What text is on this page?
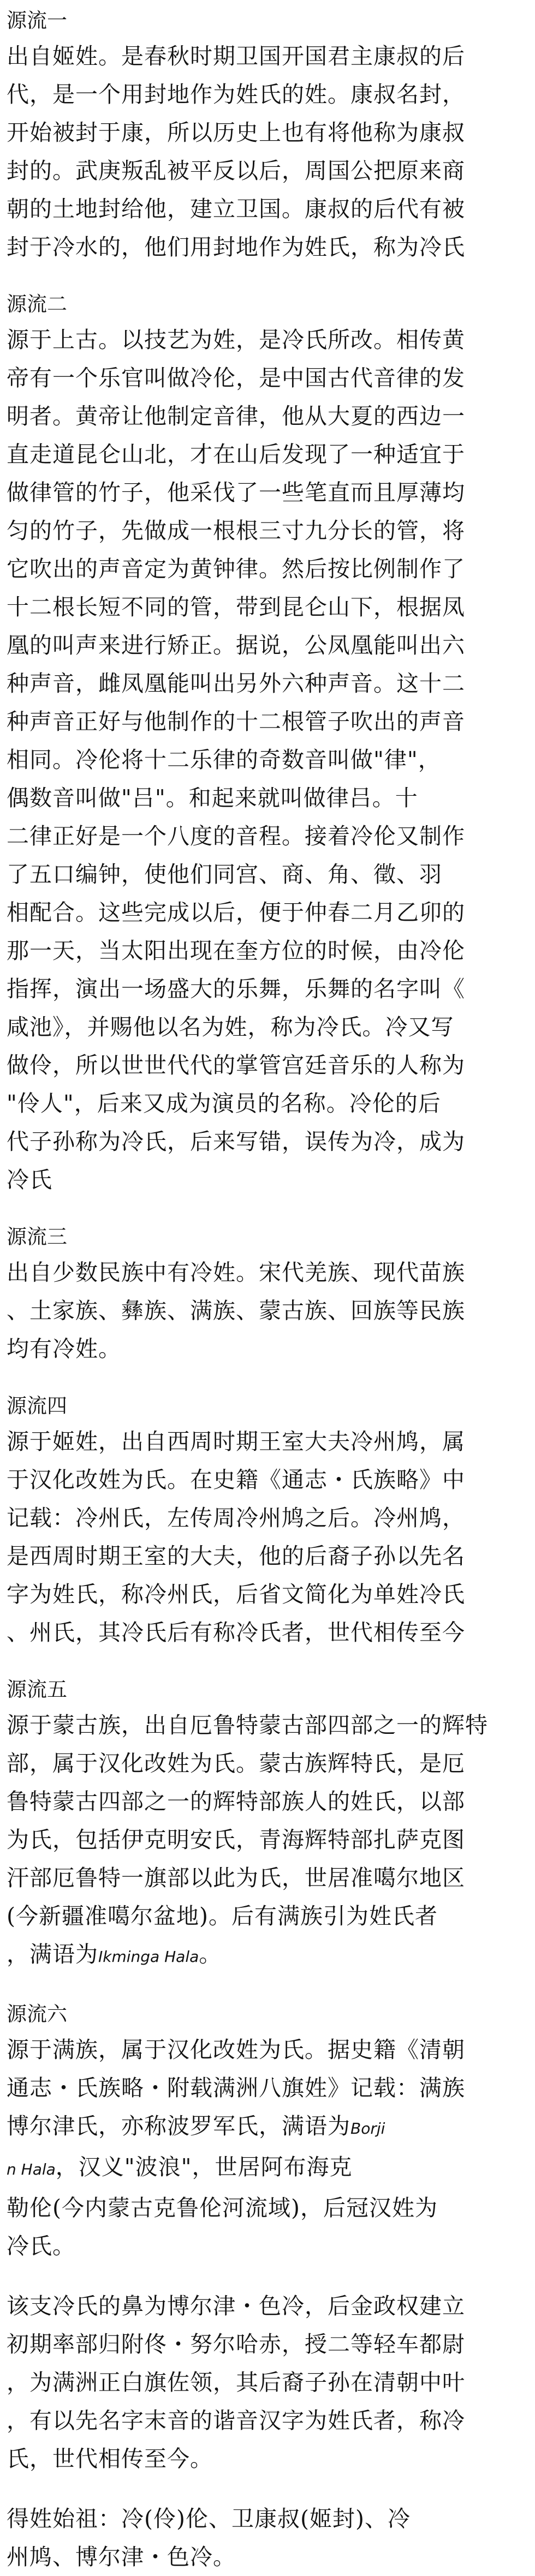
源流一

出自姬姓。是春秋时期卫国开国君主康叔的后

代，是一个用封地作为姓氏的姓。康叔名封，

开始被封于康，所以历史上也有将他称为康叔

封的。武庚叛乱被平反以后，周国公把原来商

朝的土地封给他，建立卫国。康叔的后代有被

封于冷水的，他们用封地作为姓氏，称为冷氏

源流二

源于上古。以技艺为姓，是冷氏所改。相传黄

帝有一个乐官叫做冷伦，是中国古代音律的发

明者。黄帝让他制定音律，他从大夏的西边一

直走道昆仑山北，才在山后发现了一种适宜于

做律管的竹子，他采伐了一些笔直而且厚薄均

匀的竹子，先做成一根根三寸九分长的管，将

它吹出的声音定为黄钟律。然后按比例制作了

十二根长短不同的管，带到昆仑山下，根据凤

凰的叫声来进行矫正。据说，公凤凰能叫出六

种声音，雌凤凰能叫出另外六种声音。这十二

种声音正好与他制作的十二根管子吹出的声音

相同。冷伦将十二乐律的奇数音叫做"律"，

偶数音叫做"吕"。和起来就叫做律吕。十

二律正好是一个八度的音程。接着冷伦又制作

了五口编钟，使他们同宫、商、角、徵、羽

相配合。这些完成以后，便于仲春二月乙卯的

那一天，当太阳出现在奎方位的时候，由冷伦

指挥，演出一场盛大的乐舞，乐舞的名字叫《

咸池》，并赐他以名为姓，称为冷氏。冷又写

做伶，所以世世代代的掌管宫廷音乐的人称为

"伶人"，后来又成为演员的名称。冷伦的后

代子孙称为冷氏，后来写错，误传为冷，成为

冷氏

源流三

出自少数民族中有冷姓。宋代羌族、现代苗族

、土家族、彝族、满族、蒙古族、回族等民族

均有冷姓。

源流四

源于姬姓，出自西周时期王室大夫冷州鸠，属

于汉化改姓为氏。在史籍《通志・氏族略》中

记载：冷州氏，左传周冷州鸠之后。冷州鸠，

是西周时期王室的大夫，他的后裔子孙以先名

字为姓氏，称冷州氏，后省文简化为单姓冷氏

、州氏，其冷氏后有称冷氏者，世代相传至今

源流五

源于蒙古族，出自厄鲁特蒙古部四部之一的辉特

部，属于汉化改姓为氏。蒙古族辉特氏，是厄

鲁特蒙古四部之一的辉特部族人的姓氏，以部

为氏，包括伊克明安氏，青海辉特部扎萨克图

汗部厄鲁特一旗部以此为氏，世居准噶尔地区

(今新疆准噶尔盆地)。后有满族引为姓氏者

，满语为Ikminga Hala。

源流六

源于满族，属于汉化改姓为氏。据史籍《清朝

通志・氏族略・附载满洲八旗姓》记载：满族

博尔津氏，亦称波罗军氏，满语为Borji

n Hala，汉义"波浪"，世居阿布海克

勒伦(今内蒙古克鲁伦河流域)，后冠汉姓为

冷氏。

该支冷氏的鼻为博尔津・色冷，后金政权建立

初期率部归附佟・努尔哈赤，授二等轻车都尉

，为满洲正白旗佐领，其后裔子孙在清朝中叶

，有以先名字末音的谐音汉字为姓氏者，称冷

氏，世代相传至今。

得姓始祖：冷(伶)伦、卫康叔(姬封)、冷

州鸠、博尔津・色冷。
